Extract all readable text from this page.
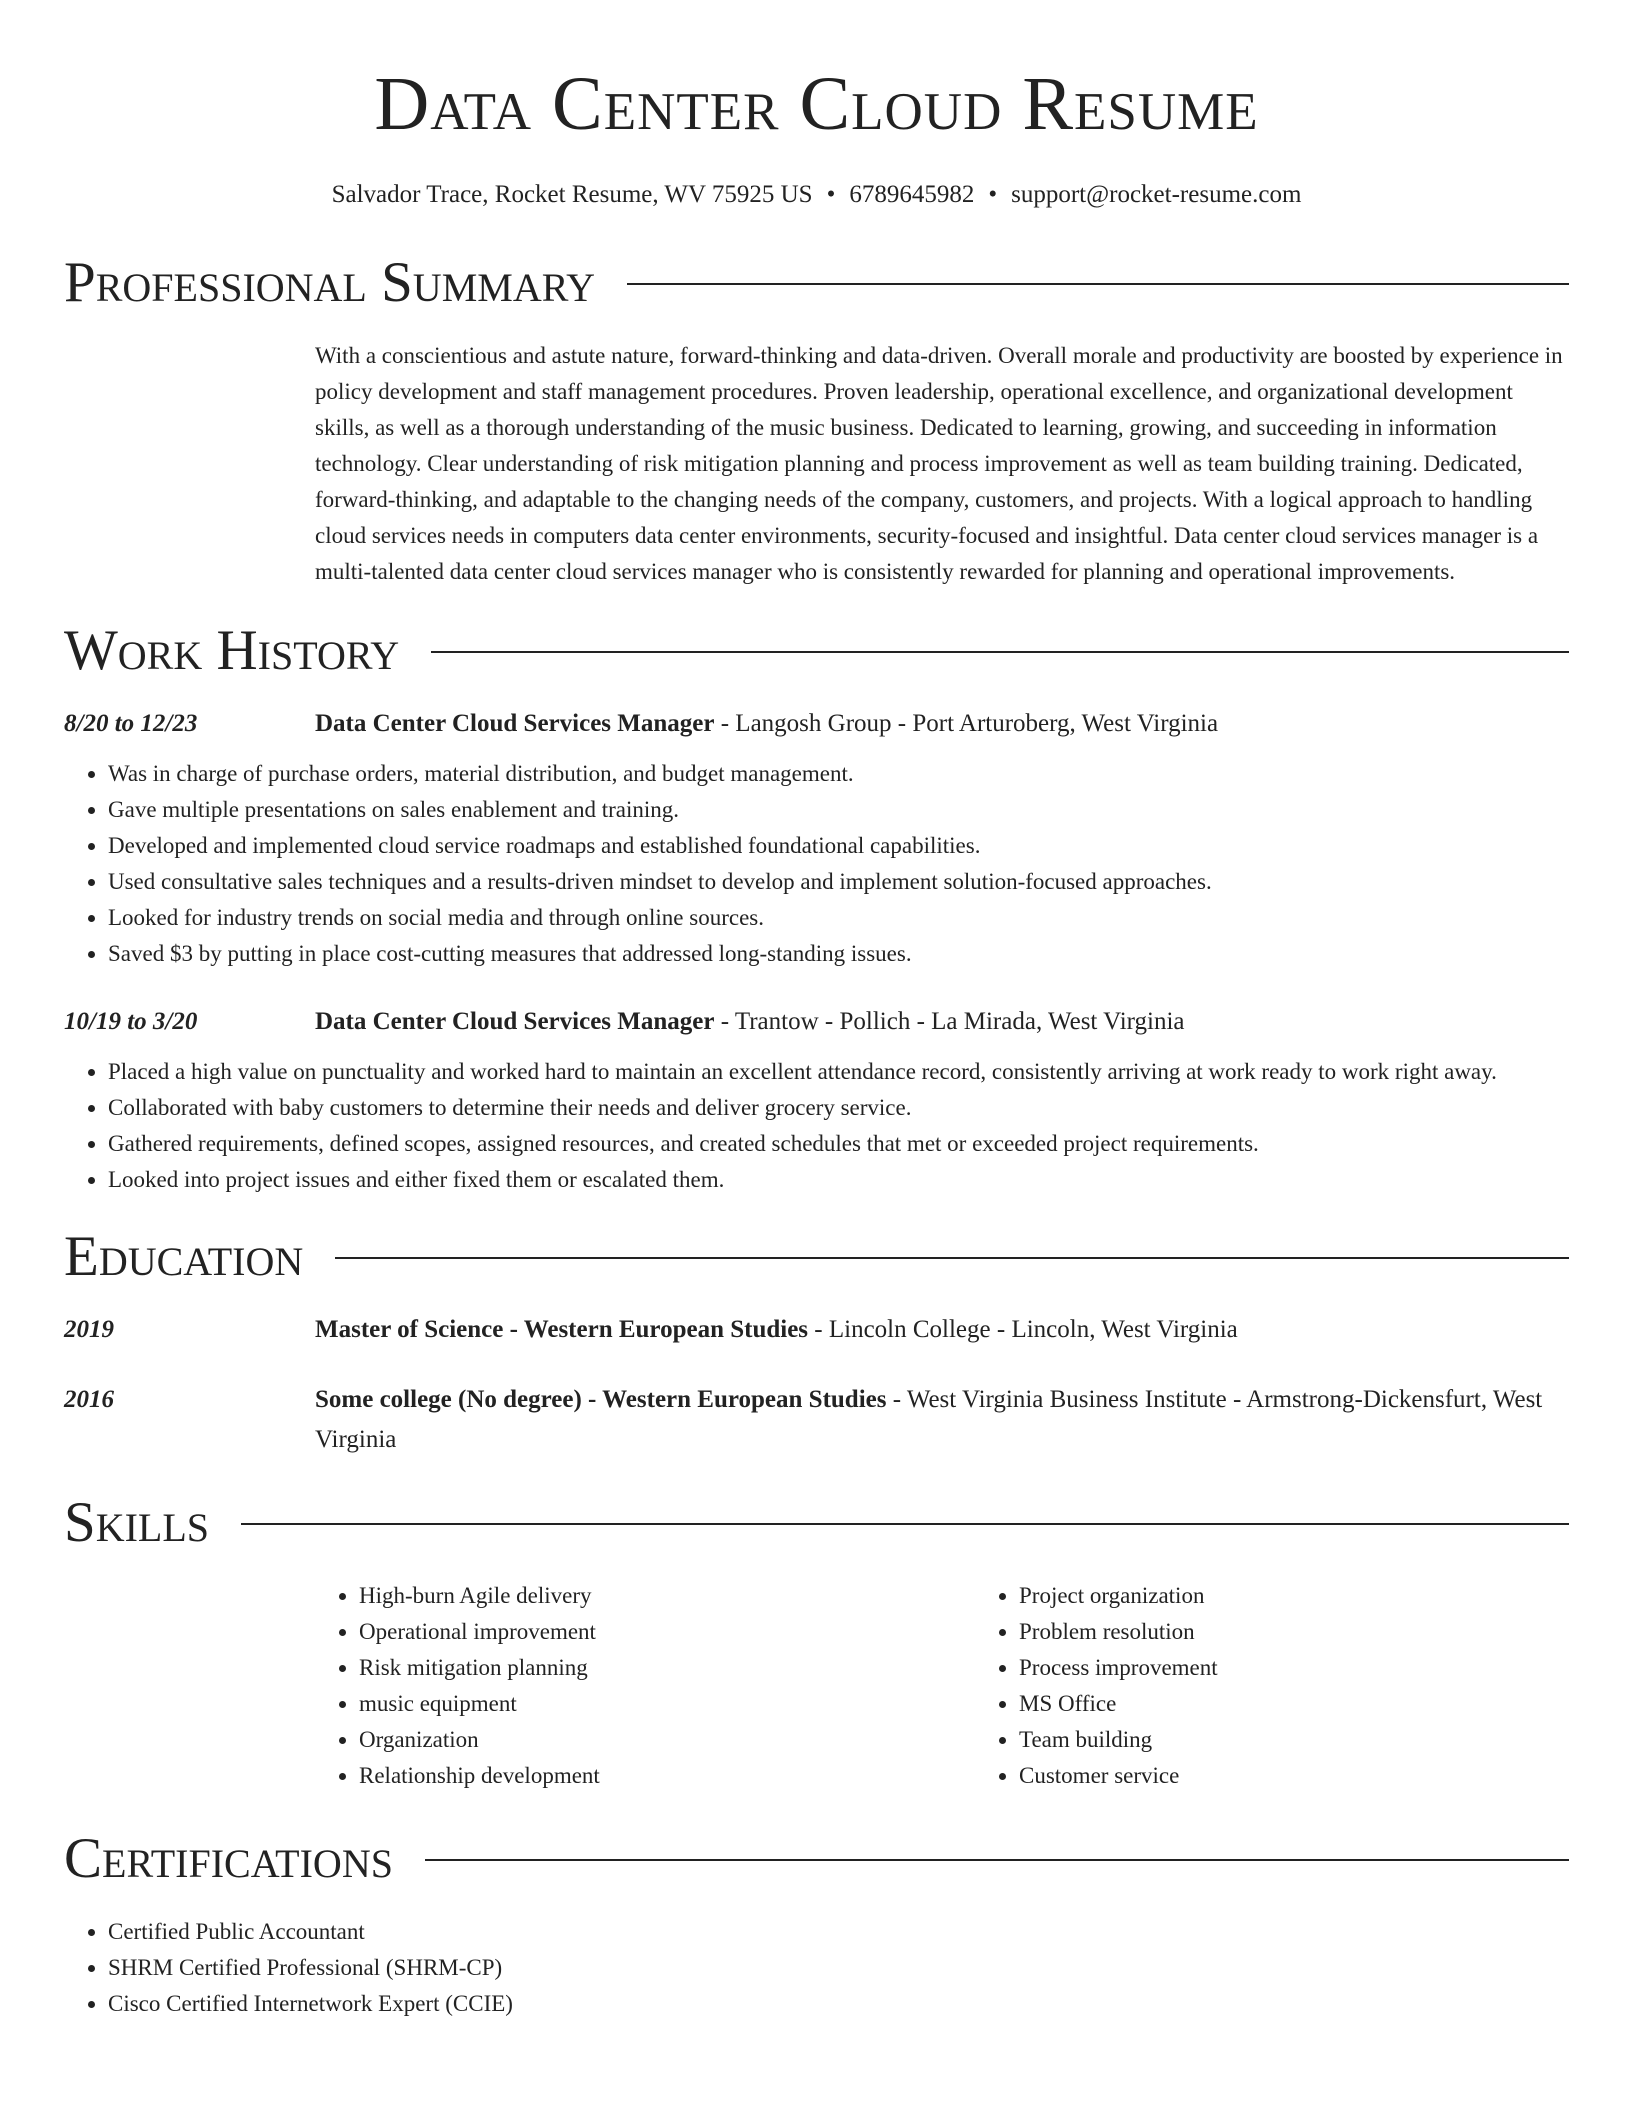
Data Center Cloud Resume
Salvador Trace, Rocket Resume, WV 75925 US • 6789645982 • support@rocket-resume.com
Professional Summary

With a conscientious and astute nature, forward-thinking and data-driven. Overall morale and productivity are boosted by experience in policy development and staff management procedures. Proven leadership, operational excellence, and organizational development skills, as well as a thorough understanding of the music business. Dedicated to learning, growing, and succeeding in information technology. Clear understanding of risk mitigation planning and process improvement as well as team building training. Dedicated, forward-thinking, and adaptable to the changing needs of the company, customers, and projects. With a logical approach to handling cloud services needs in computers data center environments, security-focused and insightful. Data center cloud services manager is a multi-talented data center cloud services manager who is consistently rewarded for planning and operational improvements.

Work History
8/20 to 12/23	Data Center Cloud Services Manager - Langosh Group - Port Arturoberg, West Virginia
• Was in charge of purchase orders, material distribution, and budget management.
• Gave multiple presentations on sales enablement and training.
• Developed and implemented cloud service roadmaps and established foundational capabilities.
• Used consultative sales techniques and a results-driven mindset to develop and implement solution-focused approaches.
• Looked for industry trends on social media and through online sources.
• Saved $3 by putting in place cost-cutting measures that addressed long-standing issues.
10/19 to 3/20	Data Center Cloud Services Manager - Trantow - Pollich - La Mirada, West Virginia
• Placed a high value on punctuality and worked hard to maintain an excellent attendance record, consistently arriving at work ready to work right away.
• Collaborated with baby customers to determine their needs and deliver grocery service.
• Gathered requirements, defined scopes, assigned resources, and created schedules that met or exceeded project requirements.
• Looked into project issues and either fixed them or escalated them.
Education
2019	Master of Science - Western European Studies - Lincoln College - Lincoln, West Virginia
2016	Some college (No degree) - Western European Studies - West Virginia Business Institute - Armstrong-Dickensfurt, West Virginia
Skills
• High-burn Agile delivery
• Operational improvement
• Risk mitigation planning
• music equipment
• Organization
• Relationship development
• Project organization
• Problem resolution
• Process improvement
• MS Office
• Team building
• Customer service
Certifications
• Certified Public Accountant
• SHRM Certified Professional (SHRM-CP)
• Cisco Certified Internetwork Expert (CCIE)
